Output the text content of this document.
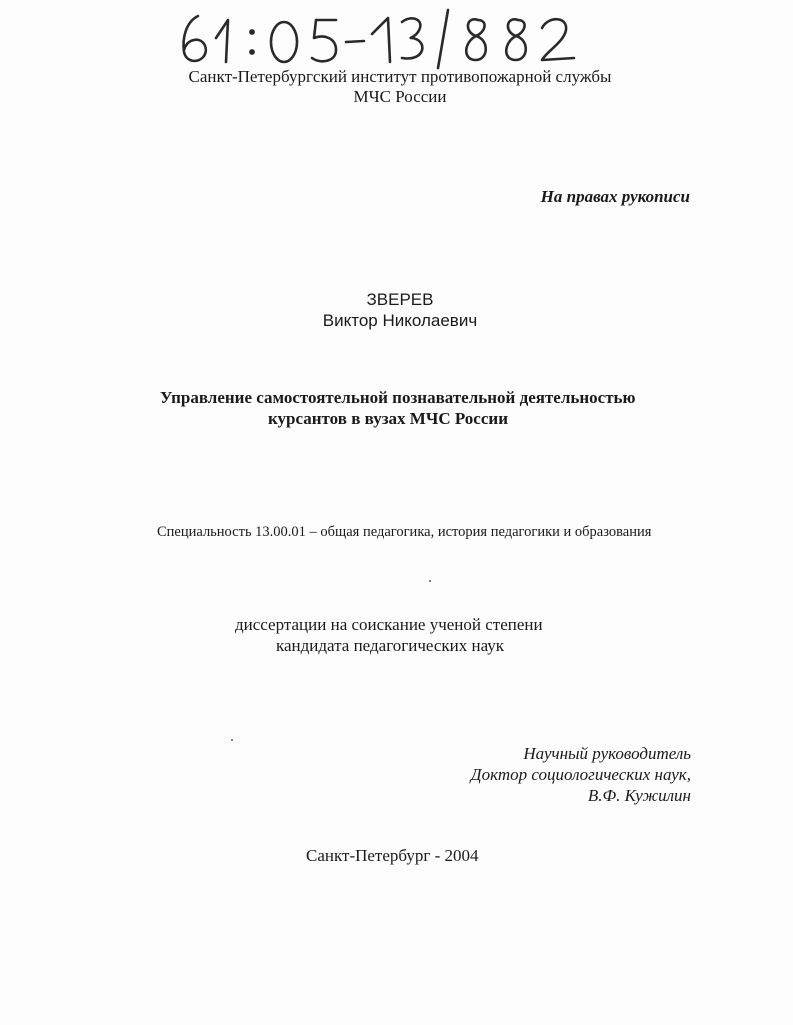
Санкт-Петербургский институт противопожарной службы
МЧС России
На правах рукописи
ЗВЕРЕВ
Виктор Николаевич
Управление самостоятельной познавательной деятельностью
курсантов в вузах МЧС России
Специальность 13.00.01 – общая педагогика, история педагогики и образования
диссертации на соискание ученой степени
кандидата педагогических наук
Научный руководитель
Доктор социологических наук,
В.Ф. Кужилин
Санкт-Петербург - 2004
